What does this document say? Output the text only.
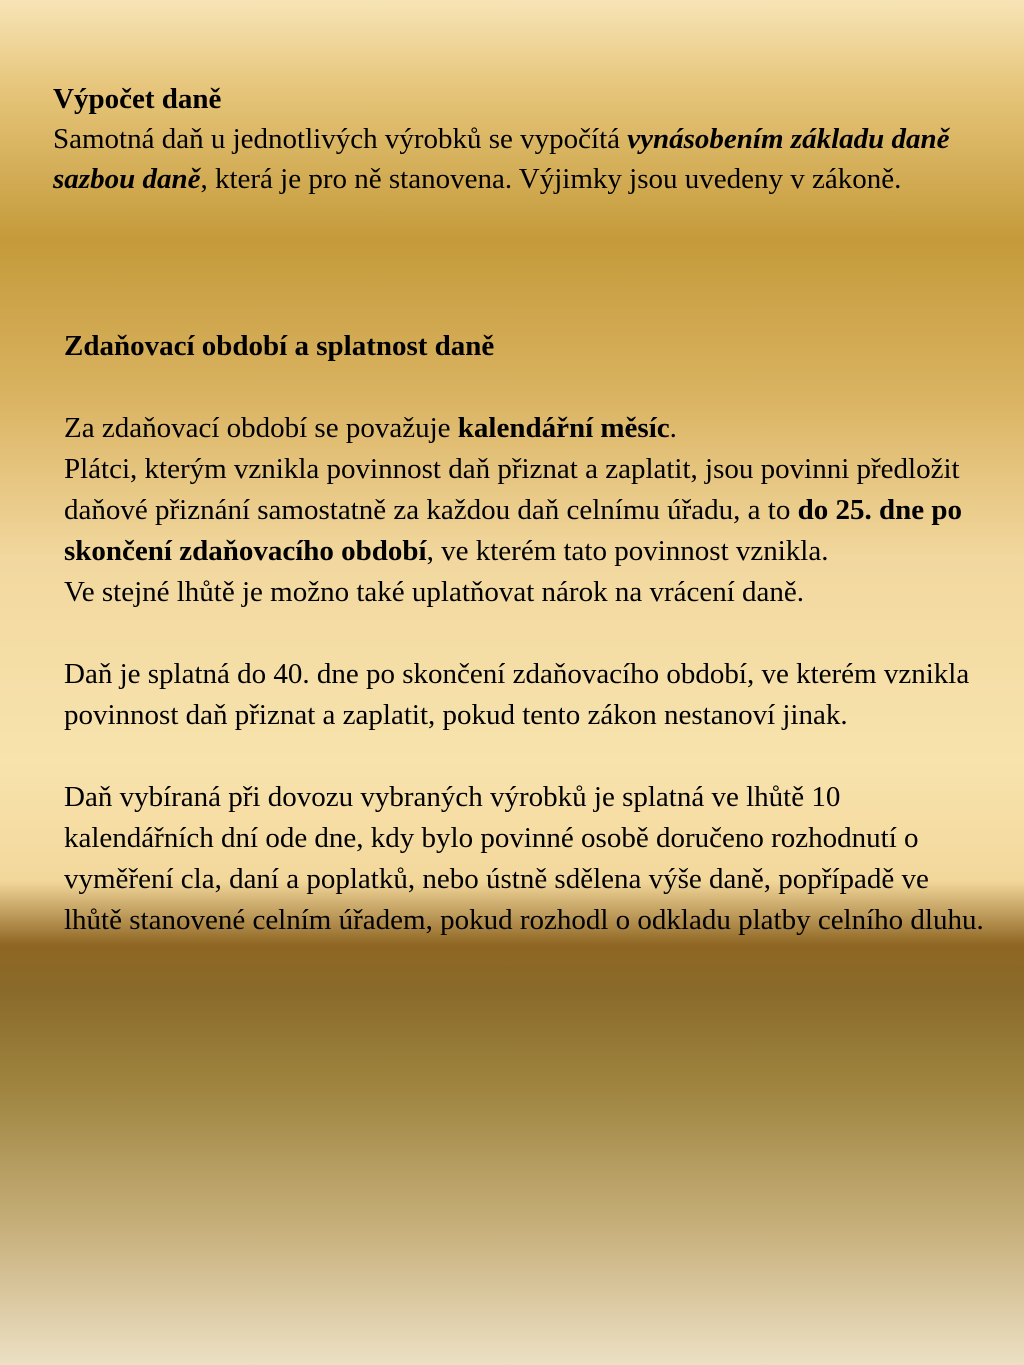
Výpočet daně
Samotná daň u jednotlivých výrobků se vypočítá vynásobením základu daně sazbou daně, která je pro ně stanovena. Výjimky jsou uvedeny v zákoně.
Zdaňovací období a splatnost daně
Za zdaňovací období se považuje kalendářní měsíc.
Plátci, kterým vznikla povinnost daň přiznat a zaplatit, jsou povinni předložit daňové přiznání samostatně za každou daň celnímu úřadu, a to do 25. dne po skončení zdaňovacího období, ve kterém tato povinnost vznikla.
Ve stejné lhůtě je možno také uplatňovat nárok na vrácení daně.
Daň je splatná do 40. dne po skončení zdaňovacího období, ve kterém vznikla povinnost daň přiznat a zaplatit, pokud tento zákon nestanoví jinak.
Daň vybíraná při dovozu vybraných výrobků je splatná ve lhůtě 10 kalendářních dní ode dne, kdy bylo povinné osobě doručeno rozhodnutí o vyměření cla, daní a poplatků, nebo ústně sdělena výše daně, popřípadě ve lhůtě stanovené celním úřadem, pokud rozhodl o odkladu platby celního dluhu.
